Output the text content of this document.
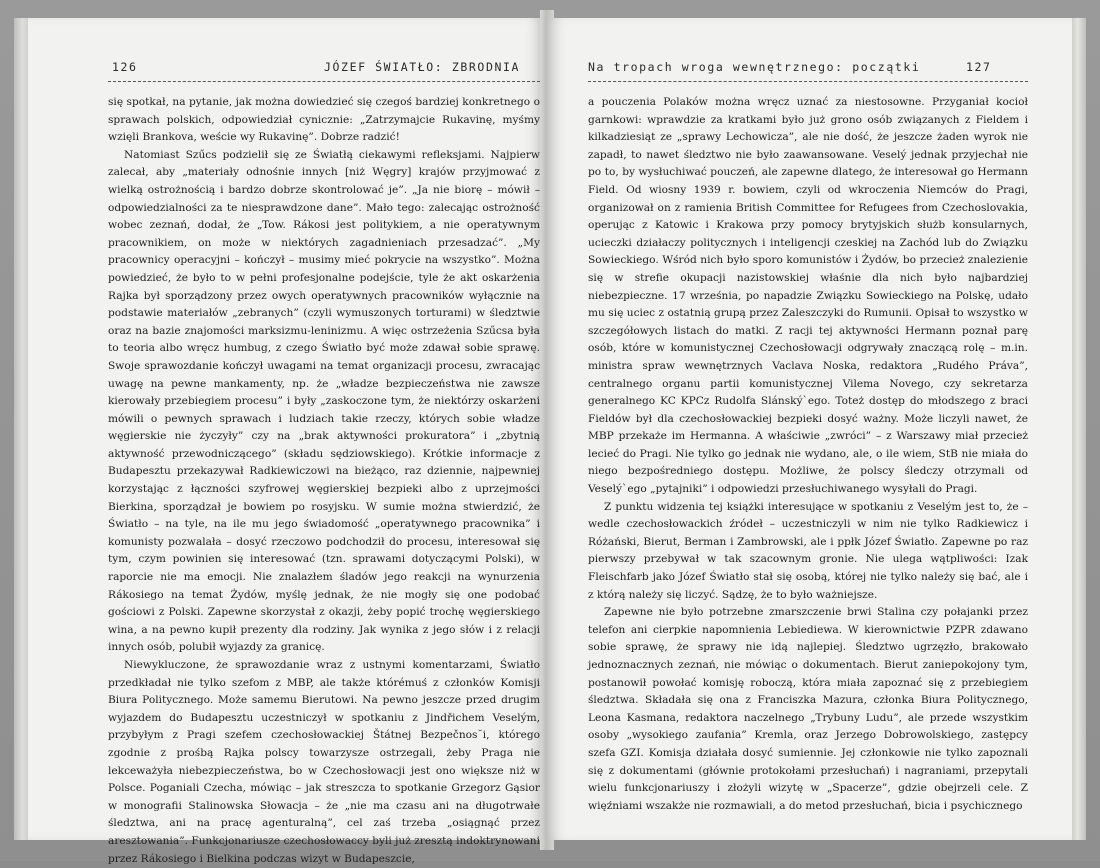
126	JÓZEF ŚWIATŁO: ZBRODNIA

się spotkał, na pytanie, jak można dowiedzieć się czegoś bardziej konkretnego o sprawach polskich, odpowiedział cynicznie: „Zatrzymajcie Rukavinę, myśmy wzięli Brankova, weście wy Rukavinę”. Dobrze radzić!

Natomiast Szűcs podzielił się ze Światłą ciekawymi refleksjami. Najpierw zalecał, aby „materiały odnośnie innych [niż Węgry] krajów przyjmować z wielką ostrożnością i bardzo dobrze skontrolować je”. „Ja nie biorę – mówił – odpowiedzialności za te niesprawdzone dane”. Mało tego: zalecając ostrożność wobec zeznań, dodał, że „Tow. Rákosi jest politykiem, a nie operatywnym pracownikiem, on może w niektórych zagadnieniach przesadzać”. „My pracownicy operacyjni – kończył – musimy mieć pokrycie na wszystko”. Można powiedzieć, że było to w pełni profesjonalne podejście, tyle że akt oskarżenia Rajka był sporządzony przez owych operatywnych pracowników wyłącznie na podstawie materiałów „zebranych” (czyli wymuszonych torturami) w śledztwie oraz na bazie znajomości marksizmu-leninizmu. A więc ostrzeżenia Szűcsa była to teoria albo wręcz humbug, z czego Światło być może zdawał sobie sprawę. Swoje sprawozdanie kończył uwagami na temat organizacji procesu, zwracając uwagę na pewne mankamenty, np. że „władze bezpieczeństwa nie zawsze kierowały przebiegiem procesu” i były „zaskoczone tym, że niektórzy oskarżeni mówili o pewnych sprawach i ludziach takie rzeczy, których sobie władze węgierskie nie życzyły” czy na „brak aktywności prokuratora” i „zbytnią aktywność przewodniczącego” (składu sędziowskiego). Krótkie informacje z Budapesztu przekazywał Radkiewiczowi na bieżąco, raz dziennie, najpewniej korzystając z łączności szyfrowej węgierskiej bezpieki albo z uprzejmości Bierkina, sporządzał je bowiem po rosyjsku. W sumie można stwierdzić, że Światło – na tyle, na ile mu jego świadomość „operatywnego pracownika” i komunisty pozwalała – dosyć rzeczowo podchodził do procesu, interesował się tym, czym powinien się interesować (tzn. sprawami dotyczącymi Polski), w raporcie nie ma emocji. Nie znalazłem śladów jego reakcji na wynurzenia Rákosiego na temat Żydów, myślę jednak, że nie mogły się one podobać gościowi z Polski. Zapewne skorzystał z okazji, żeby popić trochę węgierskiego wina, a na pewno kupił prezenty dla rodziny. Jak wynika z jego słów i z relacji innych osób, polubił wyjazdy za granicę.

Niewykluczone, że sprawozdanie wraz z ustnymi komentarzami, Światło przedkładał nie tylko szefom z MBP, ale także którémuś z członków Komisji Biura Politycznego. Może samemu Bierutowi. Na pewno jeszcze przed drugim wyjazdem do Budapesztu uczestniczył w spotkaniu z Jindřichem Veselým, przybyłym z Pragi szefem czechosłowackiej Štátnej Bezpečnos˘i, którego zgodnie z prośbą Rajka polscy towarzysze ostrzegali, żeby Praga nie lekceważyła niebezpieczeństwa, bo w Czechosłowacji jest ono większe niż w Polsce. Poganiali Czecha, mówiąc – jak streszcza to spotkanie Grzegorz Gąsior w monografii Stalinowska Słowacja – że „nie ma czasu ani na długotrwałe śledztwa, ani na pracę agenturalną”, cel zaś trzeba „osiągnąć przez aresztowania”. Funkcjonariusze czechosłowaccy byli już zresztą indoktrynowani przez Rákosiego i Bielkina podczas wizyt w Budapeszcie,

Na tropach wroga wewnętrznego: początki	127

a pouczenia Polaków można wręcz uznać za niestosowne. Przyganiał kocioł garnkowi: wprawdzie za kratkami było już grono osób związanych z Fieldem i kilkadziesiąt ze „sprawy Lechowicza”, ale nie dość, że jeszcze żaden wyrok nie zapadł, to nawet śledztwo nie było zaawansowane. Veselý jednak przyjechał nie po to, by wysłuchiwać pouczeń, ale zapewne dlatego, że interesował go Hermann Field. Od wiosny 1939 r. bowiem, czyli od wkroczenia Niemców do Pragi, organizował on z ramienia British Committee for Refugees from Czechoslovakia, operując z Katowic i Krakowa przy pomocy brytyjskich służb konsularnych, ucieczki działaczy politycznych i inteligencji czeskiej na Zachód lub do Związku Sowieckiego. Wśród nich było sporo komunistów i Żydów, bo przecież znalezienie się w strefie okupacji nazistowskiej właśnie dla nich było najbardziej niebezpieczne. 17 września, po napadzie Związku Sowieckiego na Polskę, udało mu się uciec z ostatnią grupą przez Zaleszczyki do Rumunii. Opisał to wszystko w szczegółowych listach do matki. Z racji tej aktywności Hermann poznał parę osób, które w komunistycznej Czechosłowacji odgrywały znaczącą rolę – m.in. ministra spraw wewnętrznych Vaclava Noska, redaktora „Rudého Práva”, centralnego organu partii komunistycznej Vilema Novego, czy sekretarza generalnego KC KPCz Rudolfa Slánský`ego. Toteż dostęp do młodszego z braci Fieldów był dla czechosłowackiej bezpieki dosyć ważny. Może liczyli nawet, że MBP przekaże im Hermanna. A właściwie „zwróci” – z Warszawy miał przecież lecieć do Pragi. Nie tylko go jednak nie wydano, ale, o ile wiem, StB nie miała do niego bezpośredniego dostępu. Możliwe, że polscy śledczy otrzymali od Veselý`ego „pytajniki” i odpowiedzi przesłuchiwanego wysyłali do Pragi.

Z punktu widzenia tej książki interesujące w spotkaniu z Veselým jest to, że – wedle czechosłowackich źródeł – uczestniczyli w nim nie tylko Radkiewicz i Różański, Bierut, Berman i Zambrowski, ale i ppłk Józef Światło. Zapewne po raz pierwszy przebywał w tak szacownym gronie. Nie ulega wątpliwości: Izak Fleischfarb jako Józef Światło stał się osobą, której nie tylko należy się bać, ale i z którą należy się liczyć. Sądzę, że to było ważniejsze.

Zapewne nie było potrzebne zmarszczenie brwi Stalina czy połajanki przez telefon ani cierpkie napomnienia Lebiediewa. W kierownictwie PZPR zdawano sobie sprawę, że sprawy nie idą najlepiej. Śledztwo ugrzęzło, brakowało jednoznacznych zeznań, nie mówiąc o dokumentach. Bierut zaniepokojony tym, postanowił powołać komisję roboczą, która miała zapoznać się z przebiegiem śledztwa. Składała się ona z Franciszka Mazura, członka Biura Politycznego, Leona Kasmana, redaktora naczelnego „Trybuny Ludu”, ale przede wszystkim osoby „wysokiego zaufania” Kremla, oraz Jerzego Dobrowolskiego, zastępcy szefa GZI. Komisja działała dosyć sumiennie. Jej członkowie nie tylko zapoznali się z dokumentami (głównie protokołami przesłuchań) i nagraniami, przepytali wielu funkcjonariuszy i złożyli wizytę w „Spacerze”, gdzie obejrzeli cele. Z więźniami wszakże nie rozmawiali, a do metod przesłuchań, bicia i psychicznego
